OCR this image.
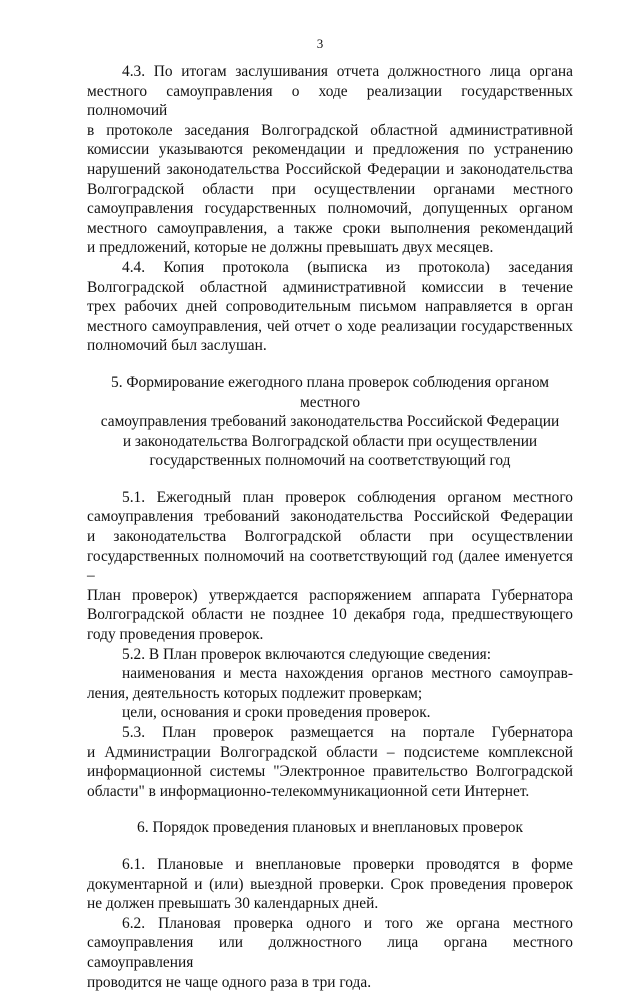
3

4.3. По итогам заслушивания отчета должностного лица органа

местного самоуправления о ходе реализации государственных полномочий

в протоколе заседания Волгоградской областной административной

комиссии указываются рекомендации и предложения по устранению

нарушений законодательства Российской Федерации и законодательства

Волгоградской области при осуществлении органами местного

самоуправления государственных полномочий, допущенных органом

местного самоуправления, а также сроки выполнения рекомендаций

и предложений, которые не должны превышать двух месяцев.

4.4. Копия протокола (выписка из протокола) заседания

Волгоградской областной административной комиссии в течение

трех рабочих дней сопроводительным письмом направляется в орган

местного самоуправления, чей отчет о ходе реализации государственных

полномочий был заслушан.

5. Формирование ежегодного плана проверок соблюдения органом местного

самоуправления требований законодательства Российской Федерации

и законодательства Волгоградской области при осуществлении

государственных полномочий на соответствующий год

5.1. Ежегодный план проверок соблюдения органом местного

самоуправления требований законодательства Российской Федерации

и законодательства Волгоградской области при осуществлении

государственных полномочий на соответствующий год (далее именуется –

План проверок) утверждается распоряжением аппарата Губернатора

Волгоградской области не позднее 10 декабря года, предшествующего

году проведения проверок.

5.2. В План проверок включаются следующие сведения:

наименования и места нахождения органов местного самоуправ-

ления, деятельность которых подлежит проверкам;

цели, основания и сроки проведения проверок.

5.3. План проверок размещается на портале Губернатора

и Администрации Волгоградской области – подсистеме комплексной

информационной системы "Электронное правительство Волгоградской

области" в информационно-телекоммуникационной сети Интернет.

6. Порядок проведения плановых и внеплановых проверок

6.1. Плановые и внеплановые проверки проводятся в форме

документарной и (или) выездной проверки. Срок проведения проверок

не должен превышать 30 календарных дней.

6.2. Плановая проверка одного и того же органа местного

самоуправления или должностного лица органа местного самоуправления

проводится не чаще одного раза в три года.
